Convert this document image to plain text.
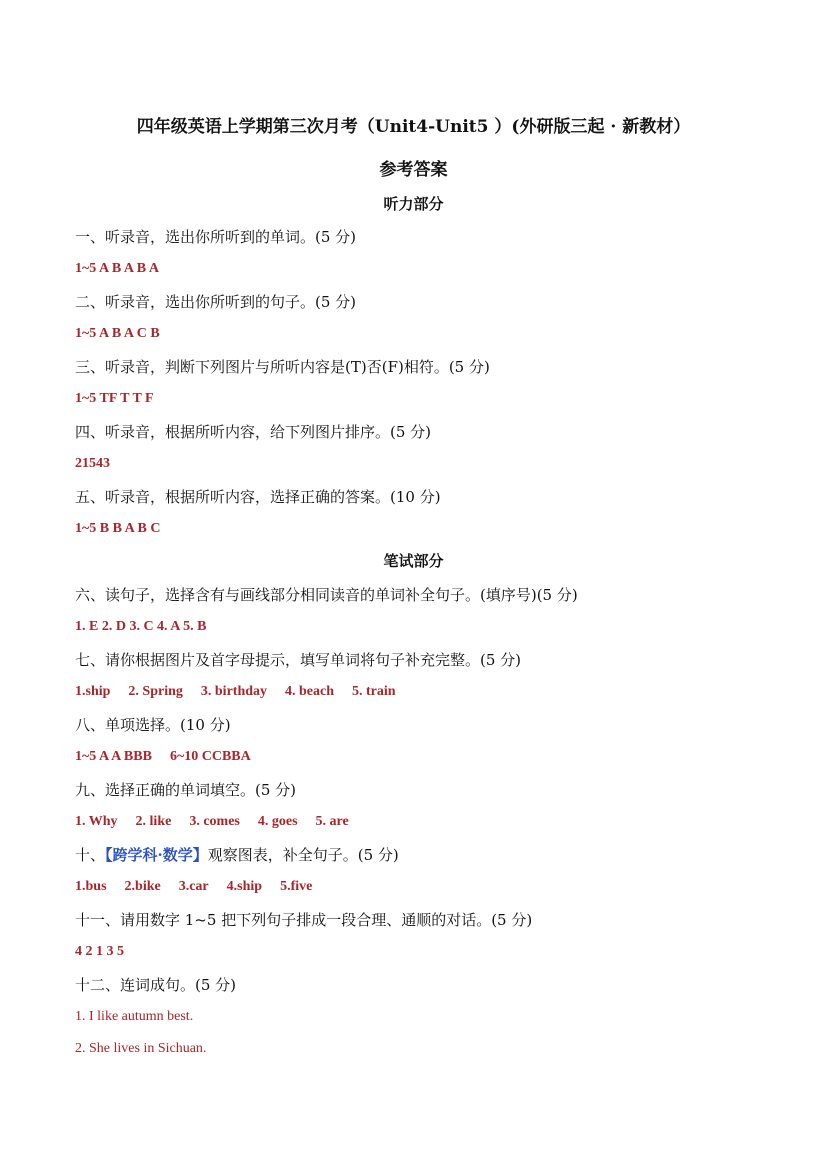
四年级英语上学期第三次月考（Unit4-Unit5 ）(外研版三起 · 新教材）
参考答案
听力部分
一、听录音，选出你所听到的单词。(5 分)
1~5 A B A B A
二、听录音，选出你所听到的句子。(5 分)
1~5 A B A C B
三、听录音，判断下列图片与所听内容是(T)否(F)相符。(5 分)
1~5 TF T T F
四、听录音，根据所听内容，给下列图片排序。(5 分)
21543
五、听录音，根据所听内容，选择正确的答案。(10 分)
1~5 B B A B C
笔试部分
六、读句子，选择含有与画线部分相同读音的单词补全句子。(填序号)(5 分)
1. E 2. D 3. C 4. A 5. B
七、请你根据图片及首字母提示，填写单词将句子补充完整。(5 分)
1.ship 2. Spring 3. birthday 4. beach 5. train
八、单项选择。(10 分)
1~5 A A BBB 6~10 CCBBA
九、选择正确的单词填空。(5 分)
1. Why 2. like 3. comes 4. goes 5. are
十、【跨学科·数学】观察图表，补全句子。(5 分)
1.bus 2.bike 3.car 4.ship 5.five
十一、请用数字 1~5 把下列句子排成一段合理、通顺的对话。(5 分)
4 2 1 3 5
十二、连词成句。(5 分)
1. I like autumn best.
2. She lives in Sichuan.
